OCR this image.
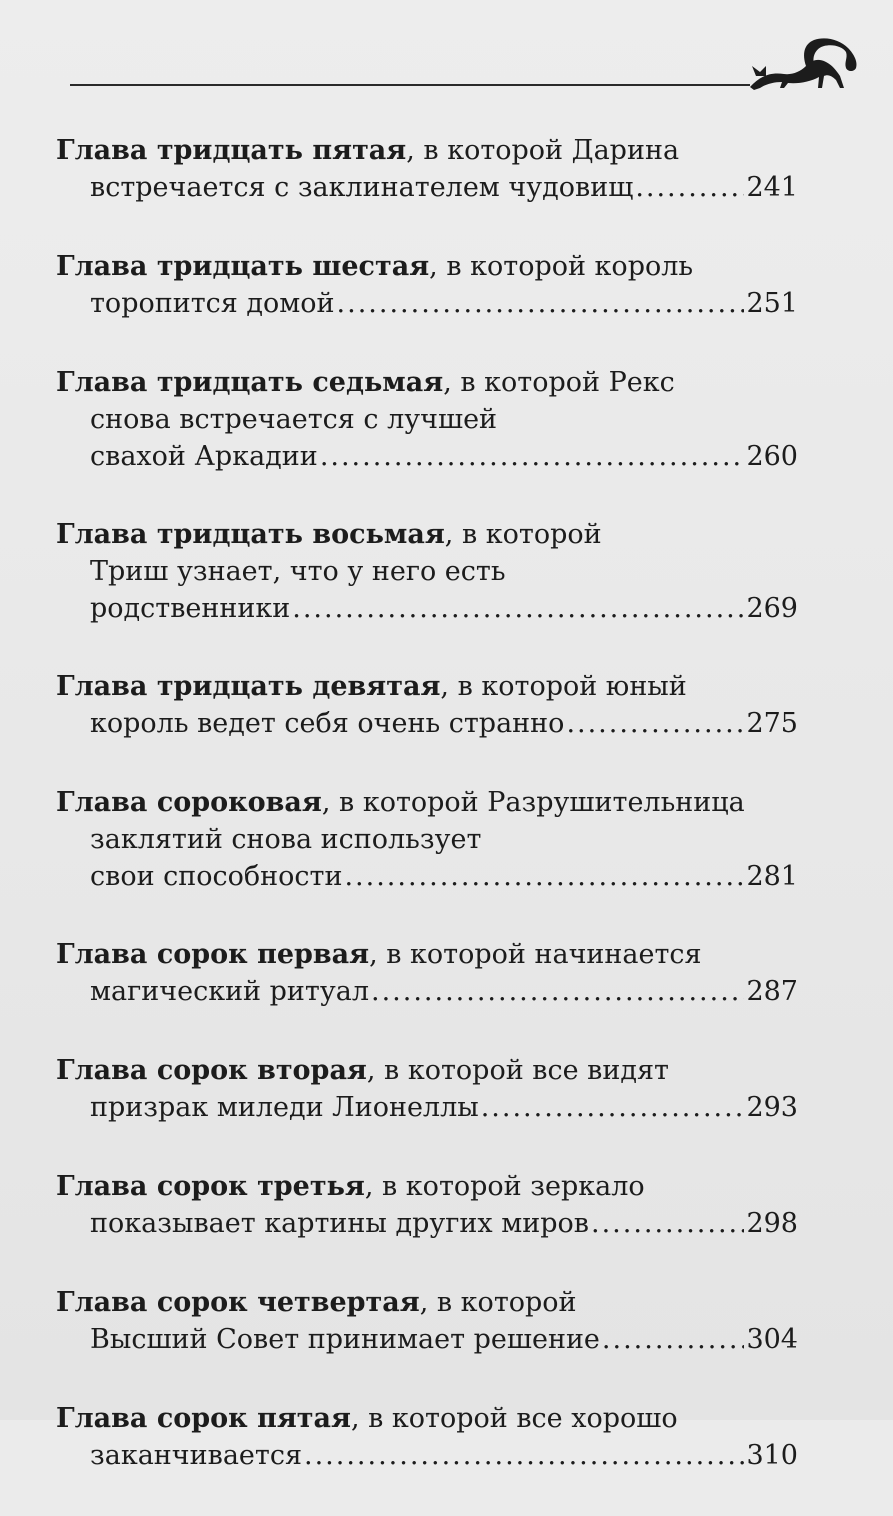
Глава тридцать пятая, в которой Дарина
встречается с заклинателем чудовищ .....	241
Глава тридцать шестая, в которой король
торопится домой .....	251
Глава тридцать седьмая, в которой Рекс
снова встречается с лучшей
свахой Аркадии .....	260
Глава тридцать восьмая, в которой
Триш узнает, что у него есть
родственники .....	269
Глава тридцать девятая, в которой юный
король ведет себя очень странно .....	275
Глава сороковая, в которой Разрушительница
заклятий снова использует
свои способности .....	281
Глава сорок первая, в которой начинается
магический ритуал .....	287
Глава сорок вторая, в которой все видят
призрак миледи Лионеллы .....	293
Глава сорок третья, в которой зеркало
показывает картины других миров .....	298
Глава сорок четвертая, в которой
Высший Совет принимает решение .....	304
Глава сорок пятая, в которой все хорошо
заканчивается .....	310
